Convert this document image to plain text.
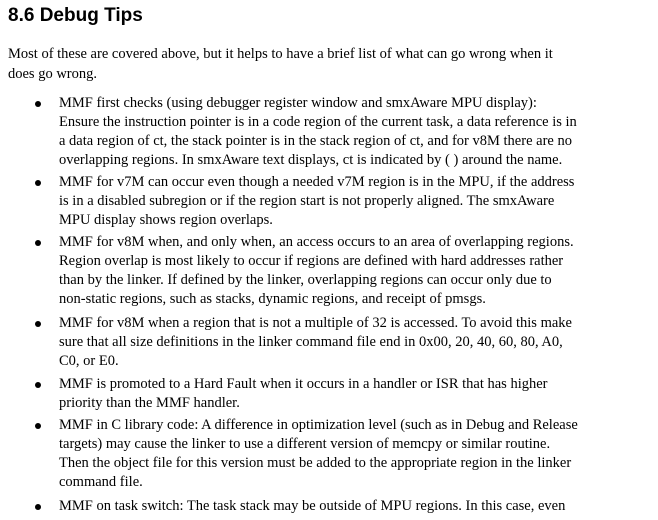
8.6 Debug Tips

Most of these are covered above, but it helps to have a brief list of what can go wrong when it
does go wrong.

MMF first checks (using debugger register window and smxAware MPU display):
Ensure the instruction pointer is in a code region of the current task, a data reference is in
a data region of ct, the stack pointer is in the stack region of ct, and for v8M there are no
overlapping regions. In smxAware text displays, ct is indicated by ( ) around the name.
MMF for v7M can occur even though a needed v7M region is in the MPU, if the address
is in a disabled subregion or if the region start is not properly aligned. The smxAware
MPU display shows region overlaps.
MMF for v8M when, and only when, an access occurs to an area of overlapping regions.
Region overlap is most likely to occur if regions are defined with hard addresses rather
than by the linker. If defined by the linker, overlapping regions can occur only due to
non-static regions, such as stacks, dynamic regions, and receipt of pmsgs.
MMF for v8M when a region that is not a multiple of 32 is accessed. To avoid this make
sure that all size definitions in the linker command file end in 0x00, 20, 40, 60, 80, A0,
C0, or E0.
MMF is promoted to a Hard Fault when it occurs in a handler or ISR that has higher
priority than the MMF handler.
MMF in C library code: A difference in optimization level (such as in Debug and Release
targets) may cause the linker to use a different version of memcpy or similar routine.
Then the object file for this version must be added to the appropriate region in the linker
command file.
MMF on task switch: The task stack may be outside of MPU regions. In this case, even
